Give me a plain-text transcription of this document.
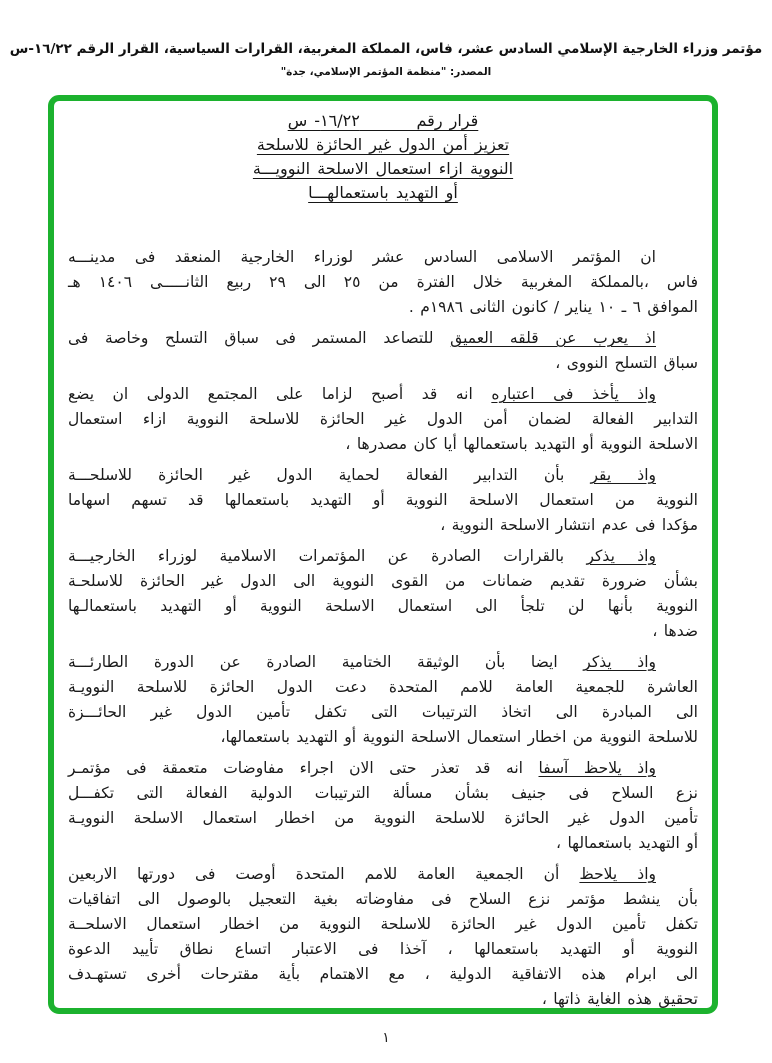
مؤتمر وزراء الخارجية الإسلامي السادس عشر، فاس، المملكة المغربية، القرارات السياسية، القرار الرقم ١٦/٢٢-س
المصدر: "منظمة المؤتمر الإسلامي، جدة"
قرار رقم        ١٦/٢٢- س
تعزيز أمن الدول غير الحائزة للاسلحة
النووية ازاء استعمال الاسلحة النوويـــة
أو التهديد باستعمالهـــا
ان المؤتمر الاسلامى السادس عشر لوزراء الخارجية المنعقد فى مدينـــه
فاس ،بالمملكة المغربية خلال الفترة من ٢٥ الى ٢٩ ربيع الثانـــــى ١٤٠٦ هـ
الموافق ٦ ـ ١٠ يناير / كانون الثانى ١٩٨٦م .
اذ يعرب عن قلقه العميق للتصاعد المستمر فى سباق التسلح وخاصة فى
سباق التسلح النووى ،
واذ يأخذ فى اعتباره انه قد أصبح لزاما على المجتمع الدولى ان يضع
التدابير الفعالة لضمان أمن الدول غير الحائزة للاسلحة النووية ازاء استعمال
الاسلحة النووية أو التهديد باستعمالها أيا كان مصدرها ،
واذ يقر بأن التدابير الفعالة لحماية الدول غير الحائزة للاسلحـــة
النووية من استعمال الاسلحة النووية أو التهديد باستعمالها قد تسهم اسهاما
مؤكدا فى عدم انتشار الاسلحة النووية ،
واذ يذكر بالقرارات الصادرة عن المؤتمرات الاسلامية لوزراء الخارجيـــة
بشأن ضرورة تقديم ضمانات من القوى النووية الى الدول غير الحائزة للاسلحـة
النووية بأنها لن تلجأ الى استعمال الاسلحة النووية أو التهديد باستعمالـها
ضدها ،
واذ يذكر ايضا بأن الوثيقة الختامية الصادرة عن الدورة الطارئـــة
العاشرة للجمعية العامة للامم المتحدة دعت الدول الحائزة للاسلحة النوويـة
الى المبادرة الى اتخاذ الترتيبات التى تكفل تأمين الدول غير الحائـــزة
للاسلحة النووية من اخطار استعمال الاسلحة النووية أو التهديد باستعمالها،
واذ يلاحظ آسفا انه قد تعذر حتى الان اجراء مفاوضات متعمقة فى مؤتمـر
نزع السلاح فى جنيف بشأن مسألة الترتيبات الدولية الفعالة التى تكفـــل
تأمين الدول غير الحائزة للاسلحة النووية من اخطار استعمال الاسلحة النوويـة
أو التهديد باستعمالها ،
واذ يلاحظ أن الجمعية العامة للامم المتحدة أوصت فى دورتها الاربعين
بأن ينشط مؤتمر نزع السلاح فى مفاوضاته بغية التعجيل بالوصول الى اتفاقيات
تكفل تأمين الدول غير الحائزة للاسلحة النووية من اخطار استعمال الاسلحــة
النووية أو التهديد باستعمالها ، آخذا فى الاعتبار اتساع نطاق تأييد الدعوة
الى ابرام هذه الاتفاقية الدولية ، مع الاهتمام بأية مقترحات أخرى تستهـدف
تحقيق هذه الغاية ذاتها ،
١
